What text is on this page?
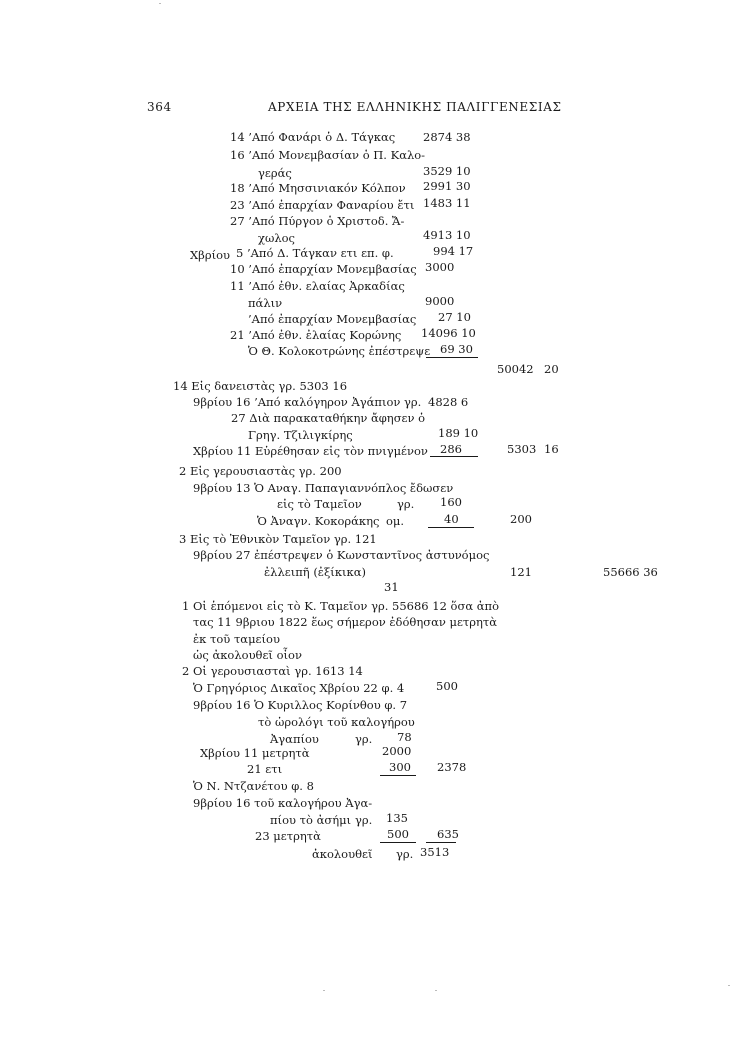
364	ΑΡΧΕΙΑ ΤΗΣ ΕΛΛΗΝΙΚΗΣ ΠΑΛΙΓΓΕΝΕΣΙΑΣ
14 ’Από Φανάρι ὁ Δ. Τάγκας 2874 38
16 ’Από Μονεμβασίαν ὁ Π. Καλο-
γεράς	3529 10
18 ’Από Μησσινιακόν Κόλπον 2991 30
23 ’Από ἐπαρχίαν Φαναρίου ἔτι 1483 11
27 ’Από Πύργον ὁ Χριστοδ. Ἄ-
χωλος	4913 10
Χβρίου 5 ’Από Δ. Τάγκαν ετι επ. φ.	994 17
10 ’Από ἐπαρχίαν Μονεμβασίας 3000
11 ’Από ἐθν. ελαίας Ἀρκαδίας
πάλιν	9000
’Από ἐπαρχίαν Μονεμβασίας 27 10
21 ’Από ἐθν. ἐλαίας Κορώνης 14096 10
Ὁ Θ. Κολοκοτρώνης ἐπέστρεψε 69 30
50042 20
14 Εἰς δανειστὰς γρ. 5303 16
9βρίου 16 ’Από καλόγηρον Ἀγάπιον γρ. 4828 6
27 Διὰ παρακαταθήκην ἄφησεν ὁ
Γρηγ. Τζιλιγκίρης	189 10
Χβρίου 11 Εὑρέθησαν εἰς τὸν πνιγμένον 286	5303 16
2 Εἰς γερουσιαστὰς γρ. 200
9βρίου 13 Ὁ Αναγ. Παπαγιαννόπλος ἔδωσεν
εἰς τὸ Ταμεῖον	γρ. 160
Ὁ Ἀναγν. Κοκοράκης ομ.	40	200
3 Εἰς τὸ Ἐθνικὸν Ταμεῖον γρ. 121
9βρίου 27 ἐπέστρεψεν ὁ Κωνσταντῖνος ἀστυνόμος
ἐλλειπῆ (ἐξίκικα)	121	55666 36
31
1 Οἱ ἑπόμενοι εἰς τὸ Κ. Ταμεῖον γρ. 55686 12 ὅσα ἀπὸ
τας 11 9βριου 1822 ἕως σήμερον ἐδόθησαν μετρητὰ
ἐκ τοῦ ταμείου
ὡς ἀκολουθεῖ οἷον
2 Οἱ γερουσιασταὶ γρ. 1613 14
Ὁ Γρηγόριος Δικαῖος Χβρίου 22 φ. 4	500
9βρίου 16 Ὁ Κυριλλος Κορίνθου φ. 7
τὸ ὡρολόγι τοῦ καλογήρου
Ἀγαπίου	γρ. 78
Χβρίου 11 μετρητὰ	2000
21 ετι	300 2378
Ὁ Ν. Ντζανέτου φ. 8
9βρίου 16 τοῦ καλογήρου Ἀγα-
πίου τὸ ἀσήμι γρ. 135
23 μετρητὰ	500 635
ἀκολουθεῖ γρ. 3513
